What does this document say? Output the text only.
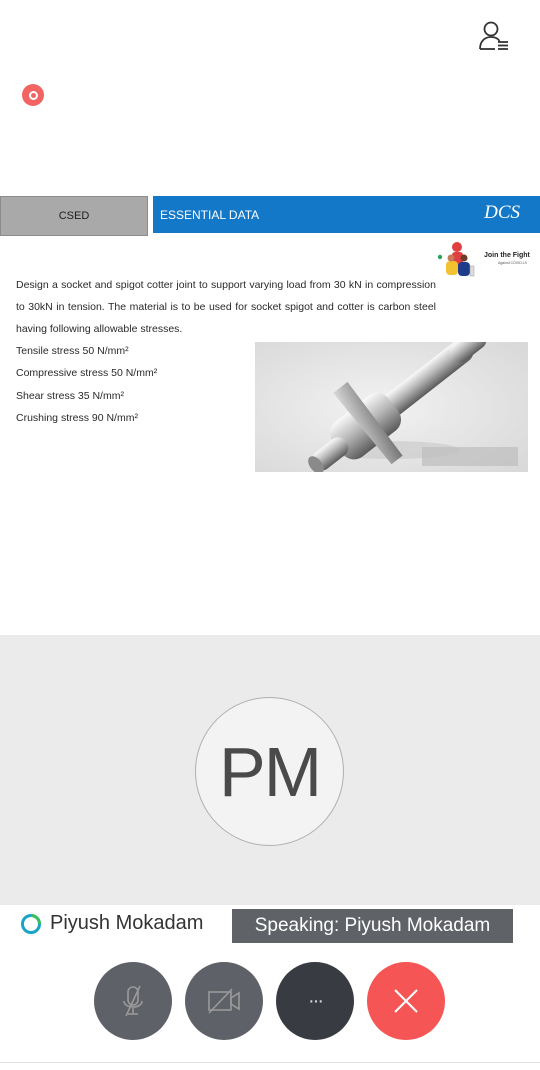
CSED	ESSENTIAL DATA	DCS

Join the Fight
Against COVID-19

Design a socket and spigot cotter joint to support varying load from 30 kN in compression to 30kN in tension. The material is to be used for socket spigot and cotter is carbon steel having following allowable stresses.

Tensile stress 50 N/mm²
Compressive stress 50 N/mm²
Shear stress 35 N/mm²
Crushing stress 90 N/mm²
PM
Piyush Mokadam	Speaking: Piyush Mokadam
···
